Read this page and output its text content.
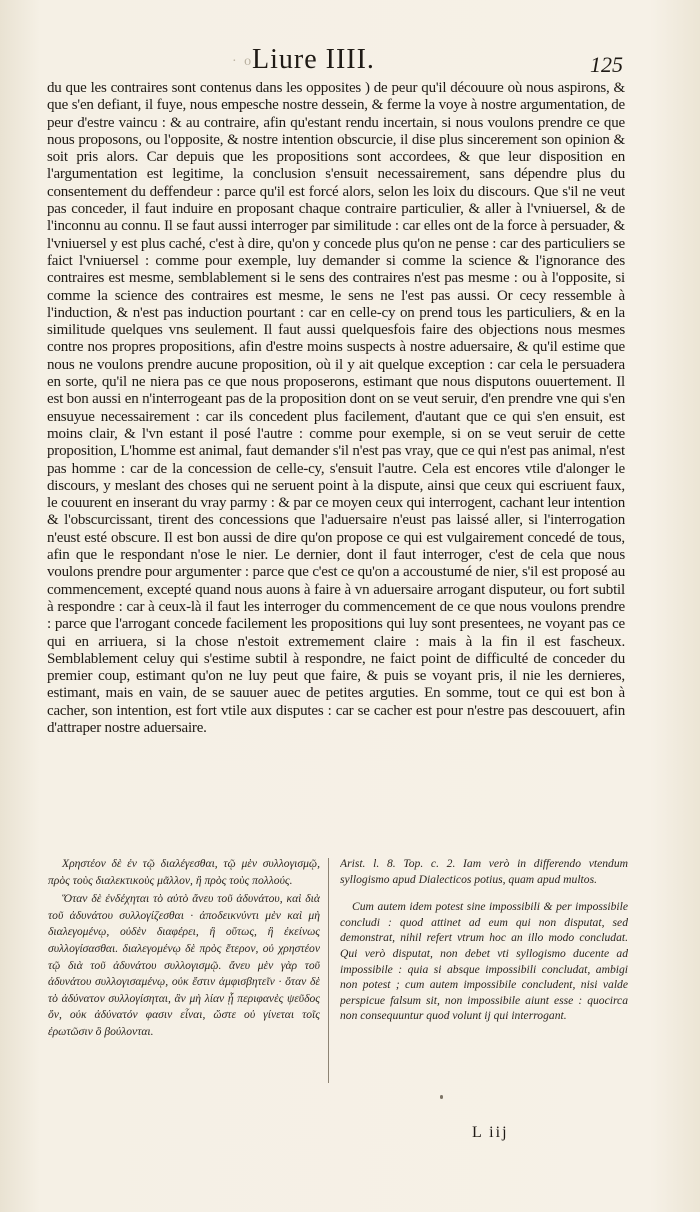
· o
Liure IIII.	125

du que les contraires sont contenus dans les opposites ) de peur qu'il découure où nous aspirons, & que s'en defiant, il fuye, nous empesche nostre dessein, & ferme la voye à nostre argumentation, de peur d'estre vaincu : & au contraire, afin qu'estant rendu incertain, si nous voulons prendre ce que nous proposons, ou l'opposite, & nostre intention obscurcie, il dise plus sincerement son opinion & soit pris alors. Car depuis que les propositions sont accordees, & que leur disposition en l'argumentation est legitime, la conclusion s'ensuit necessairement, sans dépendre plus du consentement du deffendeur : parce qu'il est forcé alors, selon les loix du discours. Que s'il ne veut pas conceder, il faut induire en proposant chaque contraire particulier, & aller à l'vniuersel, & de l'inconnu au connu. Il se faut aussi interroger par similitude : car elles ont de la force à persuader, & l'vniuersel y est plus caché, c'est à dire, qu'on y concede plus qu'on ne pense : car des particuliers se faict l'vniuersel : comme pour exemple, luy demander si comme la science & l'ignorance des contraires est mesme, semblablement si le sens des contraires n'est pas mesme : ou à l'opposite, si comme la science des contraires est mesme, le sens ne l'est pas aussi. Or cecy ressemble à l'induction, & n'est pas induction pourtant : car en celle-cy on prend tous les particuliers, & en la similitude quelques vns seulement. Il faut aussi quelquesfois faire des objections nous mesmes contre nos propres propositions, afin d'estre moins suspects à nostre aduersaire, & qu'il estime que nous ne voulons prendre aucune proposition, où il y ait quelque exception : car cela le persuadera en sorte, qu'il ne niera pas ce que nous proposerons, estimant que nous disputons ouuertement. Il est bon aussi en n'interrogeant pas de la proposition dont on se veut seruir, d'en prendre vne qui s'en ensuyue necessairement : car ils concedent plus facilement, d'autant que ce qui s'en ensuit, est moins clair, & l'vn estant il posé l'autre : comme pour exemple, si on se veut seruir de cette proposition, L'homme est animal, faut demander s'il n'est pas vray, que ce qui n'est pas animal, n'est pas homme : car de la concession de celle-cy, s'ensuit l'autre. Cela est encores vtile d'alonger le discours, y meslant des choses qui ne seruent point à la dispute, ainsi que ceux qui escriuent faux, le couurent en inserant du vray parmy : & par ce moyen ceux qui interrogent, cachant leur intention & l'obscurcissant, tirent des concessions que l'aduersaire n'eust pas laissé aller, si l'interrogation n'eust esté obscure. Il est bon aussi de dire qu'on propose ce qui est vulgairement concedé de tous, afin que le respondant n'ose le nier. Le dernier, dont il faut interroger, c'est de cela que nous voulons prendre pour argumenter : parce que c'est ce qu'on a accoustumé de nier, s'il est proposé au commencement, excepté quand nous auons à faire à vn aduersaire arrogant disputeur, ou fort subtil à respondre : car à ceux-là il faut les interroger du commencement de ce que nous voulons prendre : parce que l'arrogant concede facilement les propositions qui luy sont presentees, ne voyant pas ce qui en arriuera, si la chose n'estoit extremement claire : mais à la fin il est fascheux. Semblablement celuy qui s'estime subtil à respondre, ne faict point de difficulté de conceder du premier coup, estimant qu'on ne luy peut que faire, & puis se voyant pris, il nie les dernieres, estimant, mais en vain, de se sauuer auec de petites arguties. En somme, tout ce qui est bon à cacher, son intention, est fort vtile aux disputes : car se cacher est pour n'estre pas descouuert, afin d'attraper nostre aduersaire.

Χρηστέον δὲ ἐν τῷ διαλέγεσθαι, τῷ μὲν συλλογισμῷ, πρὸς τοὺς διαλεκτικοὺς μᾶλλον, ἢ πρὸς τοὺς πολλούς.

Ὅταν δὲ ἐνδέχηται τὸ αὐτὸ ἄνευ τοῦ ἀδυνάτου, καὶ διὰ τοῦ ἀδυνάτου συλλογίζεσθαι · ἀποδεικνύντι μὲν καὶ μὴ διαλεγομένῳ, οὐδὲν διαφέρει, ἢ οὕτως, ἢ ἐκείνως συλλογίσασθαι. διαλεγομένῳ δὲ πρὸς ἕτερον, οὐ χρηστέον τῷ διὰ τοῦ ἀδυνάτου συλλογισμῷ. ἄνευ μὲν γὰρ τοῦ ἀδυνάτου συλλογισαμένῳ, οὐκ ἔστιν ἀμφισβητεῖν · ὅταν δὲ τὸ ἀδύνατον συλλογίσηται, ἂν μὴ λίαν ᾖ περιφανὲς ψεῦδος ὄν, οὐκ ἀδύνατόν φασιν εἶναι, ὥστε οὐ γίνεται τοῖς ἐρωτῶσιν ὃ βούλονται.

Arist. l. 8. Top. c. 2. Iam verò in differendo vtendum syllogismo apud Dialecticos potius, quam apud multos.

Cum autem idem potest sine impossibili & per impossibile concludi : quod attinet ad eum qui non disputat, sed demonstrat, nihil refert vtrum hoc an illo modo concludat. Qui verò disputat, non debet vti syllogismo ducente ad impossibile : quia si absque impossibili concludat, ambigi non potest ; cum autem impossibile concludent, nisi valde perspicue falsum sit, non impossibile aiunt esse : quocirca non consequuntur quod volunt ij qui interrogant.

L iij
